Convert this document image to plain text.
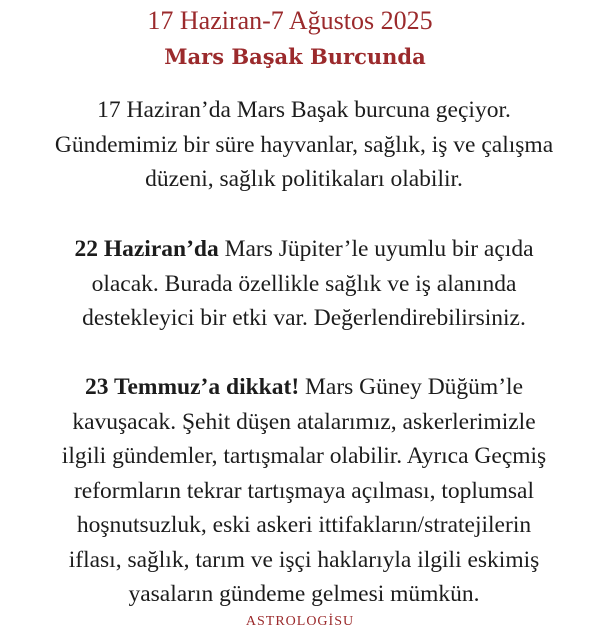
17 Haziran-7 Ağustos 2025
Mars Başak Burcunda
17 Haziran’da Mars Başak burcuna geçiyor.
Gündemimiz bir süre hayvanlar, sağlık, iş ve çalışma
düzeni, sağlık politikaları olabilir.
22 Haziran’da Mars Jüpiter’le uyumlu bir açıda
olacak. Burada özellikle sağlık ve iş alanında
destekleyici bir etki var. Değerlendirebilirsiniz.
23 Temmuz’a dikkat! Mars Güney Düğüm’le
kavuşacak. Şehit düşen atalarımız, askerlerimizle
ilgili gündemler, tartışmalar olabilir. Ayrıca Geçmiş
reformların tekrar tartışmaya açılması, toplumsal
hoşnutsuzluk, eski askeri ittifakların/stratejilerin
iflası, sağlık, tarım ve işçi haklarıyla ilgili eskimiş
yasaların gündeme gelmesi mümkün.
ASTROLOGİSU
